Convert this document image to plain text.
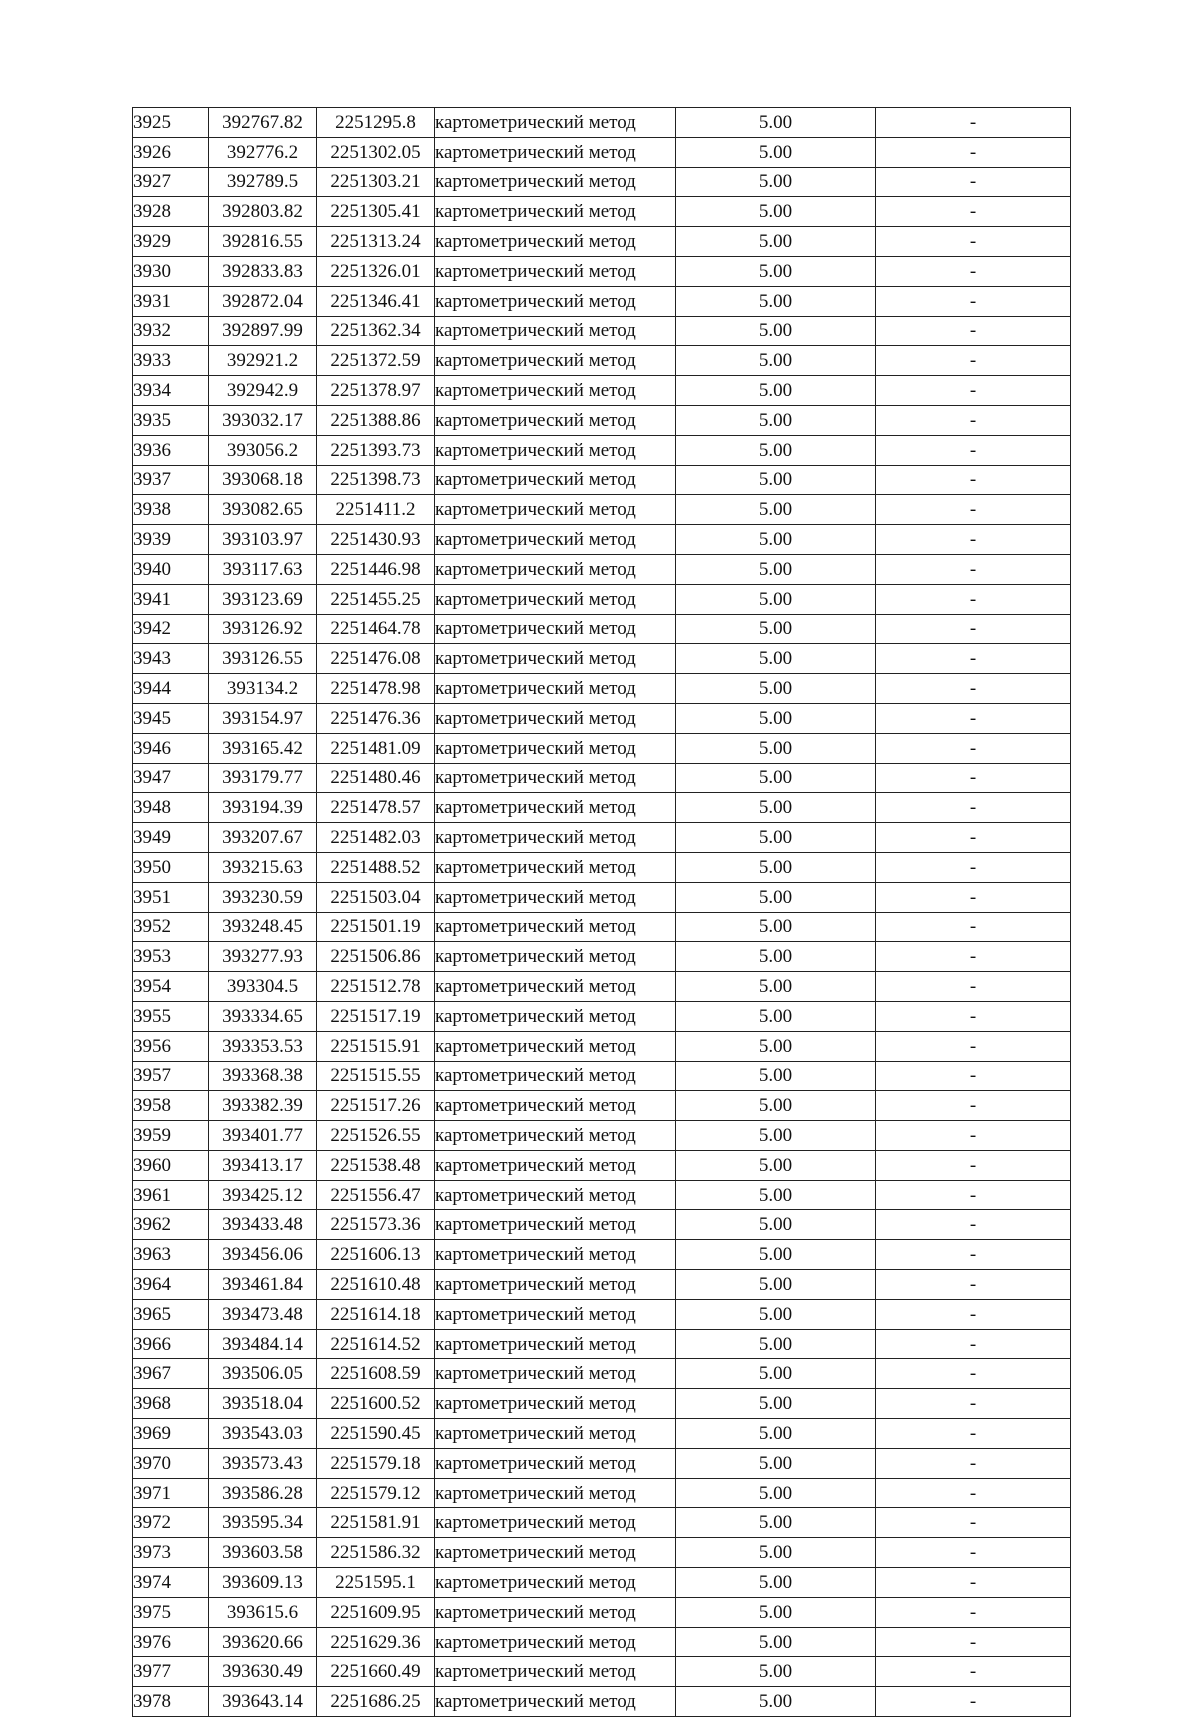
3925	392767.82	2251295.8	картометрический метод	5.00	-
3926	392776.2	2251302.05	картометрический метод	5.00	-
3927	392789.5	2251303.21	картометрический метод	5.00	-
3928	392803.82	2251305.41	картометрический метод	5.00	-
3929	392816.55	2251313.24	картометрический метод	5.00	-
3930	392833.83	2251326.01	картометрический метод	5.00	-
3931	392872.04	2251346.41	картометрический метод	5.00	-
3932	392897.99	2251362.34	картометрический метод	5.00	-
3933	392921.2	2251372.59	картометрический метод	5.00	-
3934	392942.9	2251378.97	картометрический метод	5.00	-
3935	393032.17	2251388.86	картометрический метод	5.00	-
3936	393056.2	2251393.73	картометрический метод	5.00	-
3937	393068.18	2251398.73	картометрический метод	5.00	-
3938	393082.65	2251411.2	картометрический метод	5.00	-
3939	393103.97	2251430.93	картометрический метод	5.00	-
3940	393117.63	2251446.98	картометрический метод	5.00	-
3941	393123.69	2251455.25	картометрический метод	5.00	-
3942	393126.92	2251464.78	картометрический метод	5.00	-
3943	393126.55	2251476.08	картометрический метод	5.00	-
3944	393134.2	2251478.98	картометрический метод	5.00	-
3945	393154.97	2251476.36	картометрический метод	5.00	-
3946	393165.42	2251481.09	картометрический метод	5.00	-
3947	393179.77	2251480.46	картометрический метод	5.00	-
3948	393194.39	2251478.57	картометрический метод	5.00	-
3949	393207.67	2251482.03	картометрический метод	5.00	-
3950	393215.63	2251488.52	картометрический метод	5.00	-
3951	393230.59	2251503.04	картометрический метод	5.00	-
3952	393248.45	2251501.19	картометрический метод	5.00	-
3953	393277.93	2251506.86	картометрический метод	5.00	-
3954	393304.5	2251512.78	картометрический метод	5.00	-
3955	393334.65	2251517.19	картометрический метод	5.00	-
3956	393353.53	2251515.91	картометрический метод	5.00	-
3957	393368.38	2251515.55	картометрический метод	5.00	-
3958	393382.39	2251517.26	картометрический метод	5.00	-
3959	393401.77	2251526.55	картометрический метод	5.00	-
3960	393413.17	2251538.48	картометрический метод	5.00	-
3961	393425.12	2251556.47	картометрический метод	5.00	-
3962	393433.48	2251573.36	картометрический метод	5.00	-
3963	393456.06	2251606.13	картометрический метод	5.00	-
3964	393461.84	2251610.48	картометрический метод	5.00	-
3965	393473.48	2251614.18	картометрический метод	5.00	-
3966	393484.14	2251614.52	картометрический метод	5.00	-
3967	393506.05	2251608.59	картометрический метод	5.00	-
3968	393518.04	2251600.52	картометрический метод	5.00	-
3969	393543.03	2251590.45	картометрический метод	5.00	-
3970	393573.43	2251579.18	картометрический метод	5.00	-
3971	393586.28	2251579.12	картометрический метод	5.00	-
3972	393595.34	2251581.91	картометрический метод	5.00	-
3973	393603.58	2251586.32	картометрический метод	5.00	-
3974	393609.13	2251595.1	картометрический метод	5.00	-
3975	393615.6	2251609.95	картометрический метод	5.00	-
3976	393620.66	2251629.36	картометрический метод	5.00	-
3977	393630.49	2251660.49	картометрический метод	5.00	-
3978	393643.14	2251686.25	картометрический метод	5.00	-
